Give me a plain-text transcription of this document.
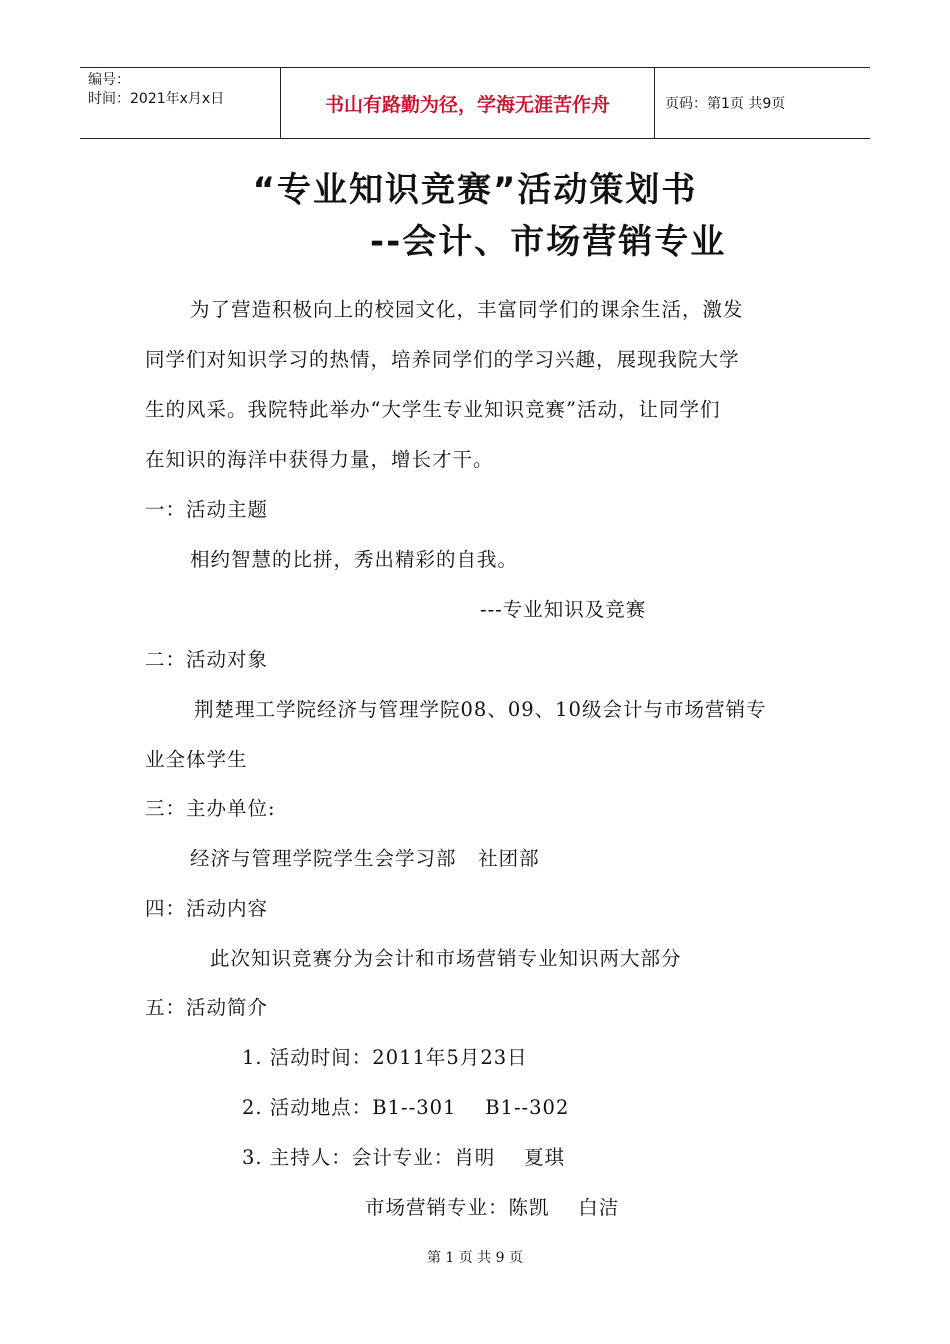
编号：
时间：2021年x月x日	书山有路勤为径，学海无涯苦作舟	页码：第1页 共9页
“专业知识竞赛”活动策划书
--会计、市场营销专业
为了营造积极向上的校园文化，丰富同学们的课余生活，激发
同学们对知识学习的热情，培养同学们的学习兴趣，展现我院大学
生的风采。我院特此举办“大学生专业知识竞赛”活动，让同学们
在知识的海洋中获得力量，增长才干。
一：活动主题
相约智慧的比拼，秀出精彩的自我。
---专业知识及竞赛
二：活动对象
荆楚理工学院经济与管理学院08、09、10级会计与市场营销专
业全体学生
三：主办单位:
经济与管理学院学生会学习部   社团部
四：活动内容
此次知识竞赛分为会计和市场营销专业知识两大部分
五：活动简介
1. 活动时间：2011年5月23日
2. 活动地点：B1--301    B1--302
3. 主持人：会计专业：肖明    夏琪
市场营销专业：陈凯    白洁
第 1 页 共 9 页
